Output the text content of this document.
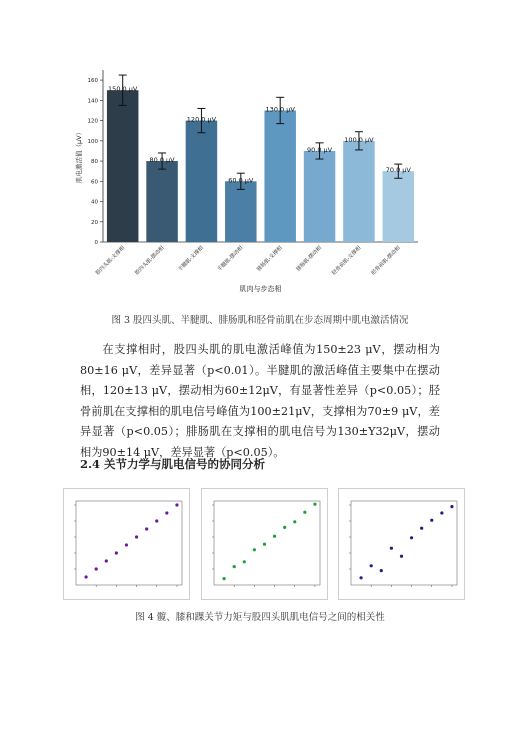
0
20
40
60
80
100
120
140
160
150.0 μV
股四头肌-支撑相
80.0 μV
股四头肌-摆动相
120.0 μV
半腱肌-支撑相
60.0 μV
半腱肌-摆动相
130.0 μV
腓肠肌-支撑相
90.0 μV
腓肠肌-摆动相
100.0 μV
胫骨前肌-支撑相
70.0 μV
胫骨前肌-摆动相
肌肉与步态相
肌电激活值（μV）
图 3 股四头肌、半腱肌、腓肠肌和胫骨前肌在步态周期中肌电激活情况

在支撑相时，股四头肌的肌电激活峰值为150±23 μV，摆动相为80±16 μV，差异显著（p<0.01）。半腱肌的激活峰值主要集中在摆动相，120±13 μV，摆动相为60±12μV，有显著性差异（p<0.05）；胫骨前肌在支撑相的肌电信号峰值为100±21μV，支撑相为70±9 μV，差异显著（p<0.05）；腓肠肌在支撑相的肌电信号为130±Y32μV，摆动相为90±14 μV，差异显著（p<0.05）。

2.4 关节力学与肌电信号的协同分析
图 4 髋、膝和踝关节力矩与股四头肌肌电信号之间的相关性
